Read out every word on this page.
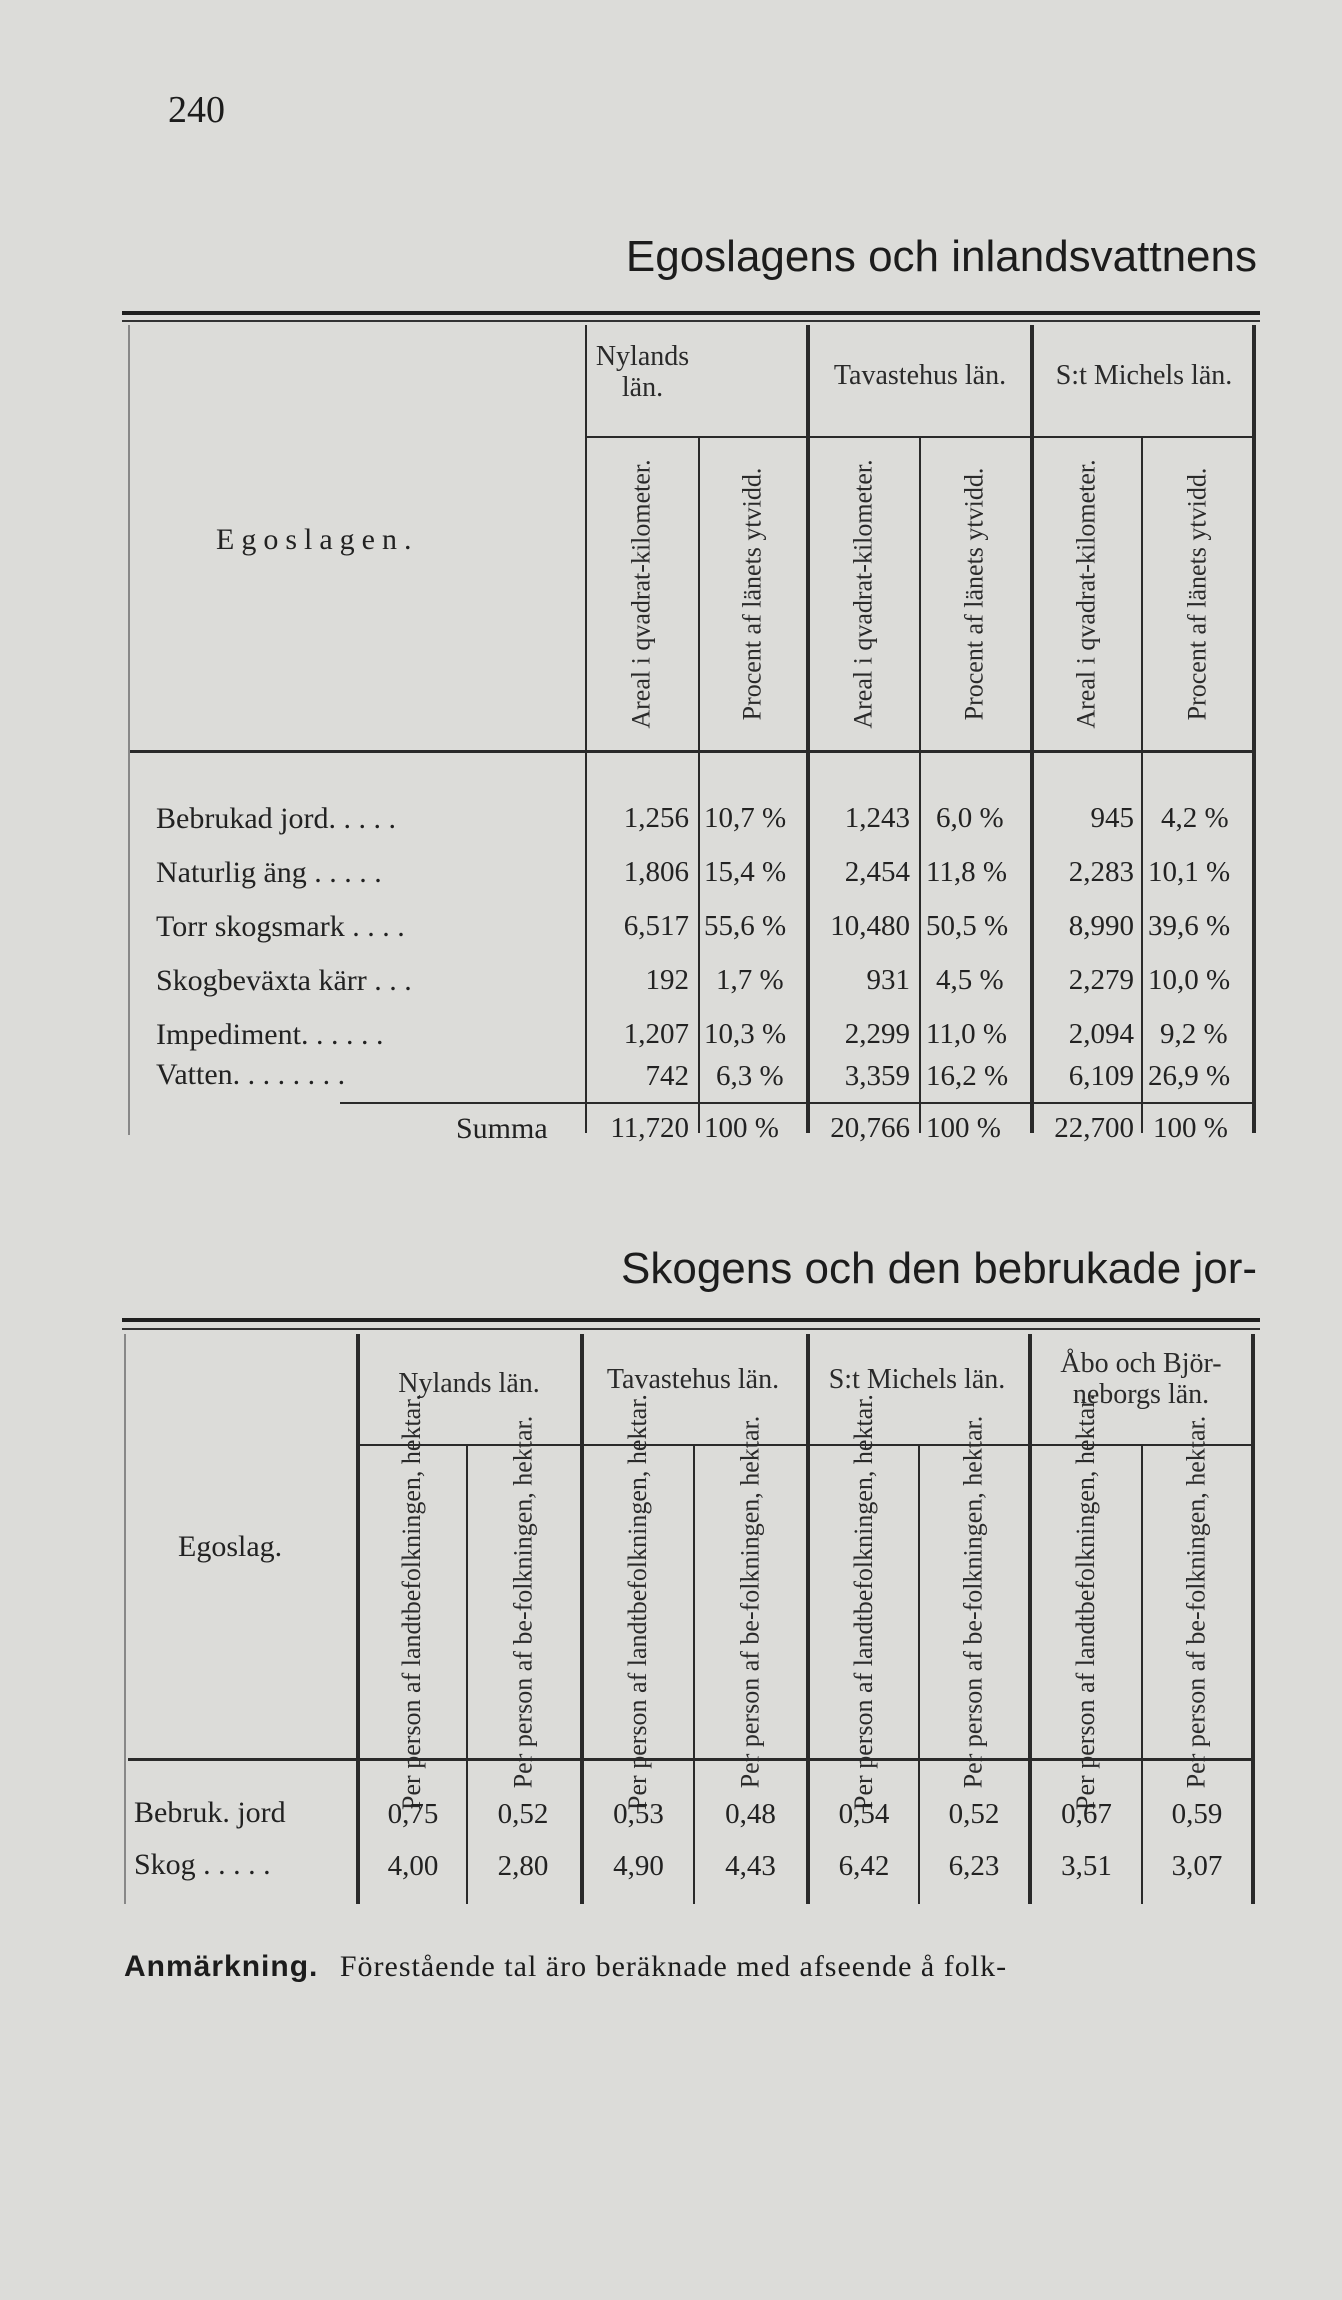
240
Egoslagens och inlandsvattnens
Nylands län.	Tavastehus län.	S:t Michels län.
Egoslagen.	Areal i qvadrat-kilometer.	Procent af länets ytvidd.	Areal i qvadrat-kilometer.	Procent af länets ytvidd.	Areal i qvadrat-kilometer.	Procent af länets ytvidd.
Bebrukad jord. . . . .	1,256 10,7 % 1,243 6,0 %	945 4,2 %
Naturlig äng . . . . .	1,806 15,4 % 2,454 11,8 % 2,283 10,1 %
Torr skogsmark . . . .	6,517 55,6 % 10,480 50,5 % 8,990 39,6 %
Skogbeväxta kärr . . .	192 1,7 %	931 4,5 % 2,279 10,0 %
Impediment. . . . . .	1,207 10,3 % 2,299 11,0 % 2,094 9,2 %
Vatten. . . . . . . .	742 6,3 % 3,359 16,2 % 6,109 26,9 %
Summa 11,720 100 % 20,766 100 % 22,700 100 %
Skogens och den bebrukade jor-
Nylands län.	Tavastehus län.	S:t Michels län.	Åbo och Björ-neborgs län.
Egoslag.	Per person af landtbefolkningen, hektar.	Per person af be-folkningen, hektar.	Per person af landtbefolkningen, hektar.	Per person af be-folkningen, hektar.	Per person af landtbefolkningen, hektar.	Per person af be-folkningen, hektar.	Per person af landtbefolkningen, hektar.	Per person af be-folkningen, hektar.
Bebruk. jord	0,75	0,52	0,53	0,48	0,54	0,52	0,67	0,59
Skog . . . . .	4,00	2,80	4,90	4,43	6,42	6,23	3,51	3,07
Anmärkning. Förestående tal äro beräknade med afseende å folk-
